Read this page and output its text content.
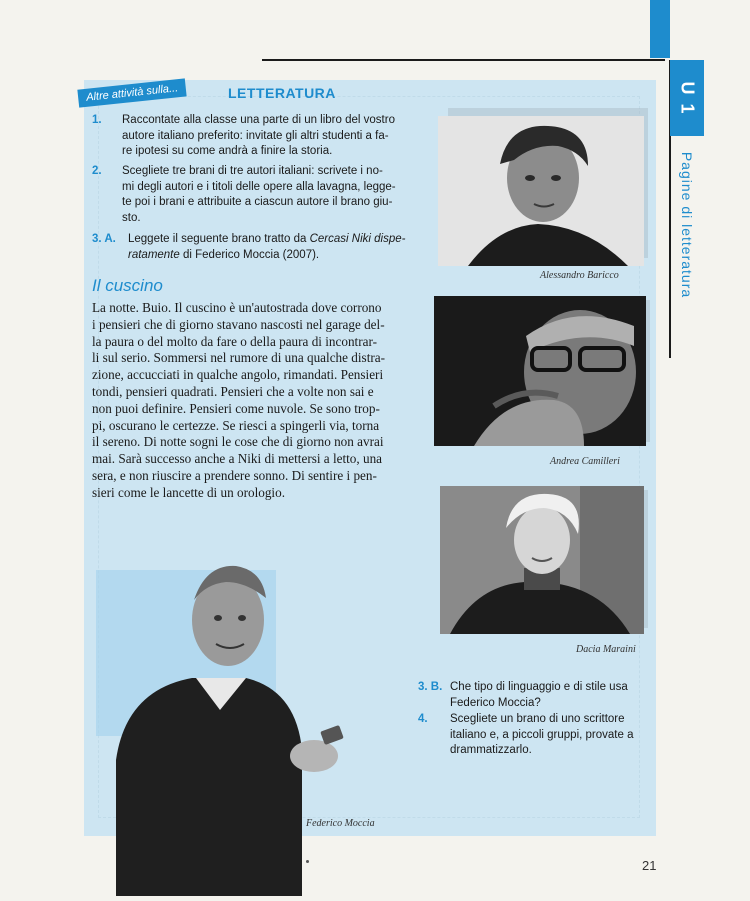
U 1
Pagine di letteratura
Altre attività sulla...	LETTERATURA
1. Raccontate alla classe una parte di un libro del vostro
autore italiano preferito: invitate gli altri studenti a fa-
re ipotesi su come andrà a finire la storia.
2. Scegliete tre brani di tre autori italiani: scrivete i no-
mi degli autori e i titoli delle opere alla lavagna, legge-
te poi i brani e attribuite a ciascun autore il brano giu-
sto.
3. A. Leggete il seguente brano tratto da Cercasi Niki dispe-
ratamente di Federico Moccia (2007).
Il cuscino
La notte. Buio. Il cuscino è un'autostrada dove corrono
i pensieri che di giorno stavano nascosti nel garage del-
la paura o del molto da fare o della paura di incontrar-
li sul serio. Sommersi nel rumore di una qualche distra-
zione, accucciati in qualche angolo, rimandati. Pensieri
tondi, pensieri quadrati. Pensieri che a volte non sai e
non puoi definire. Pensieri come nuvole. Se sono trop-
pi, oscurano le certezze. Se riesci a spingerli via, torna
il sereno. Di notte sogni le cose che di giorno non avrai
mai. Sarà successo anche a Niki di mettersi a letto, una
sera, e non riuscire a prendere sonno. Di sentire i pen-
sieri come le lancette di un orologio.
Alessandro Baricco
Andrea Camilleri
Dacia Maraini
3. B. Che tipo di linguaggio e di stile usa
Federico Moccia?
4. Scegliete un brano di uno scrittore
italiano e, a piccoli gruppi, provate a
drammatizzarlo.
Federico Moccia
21
